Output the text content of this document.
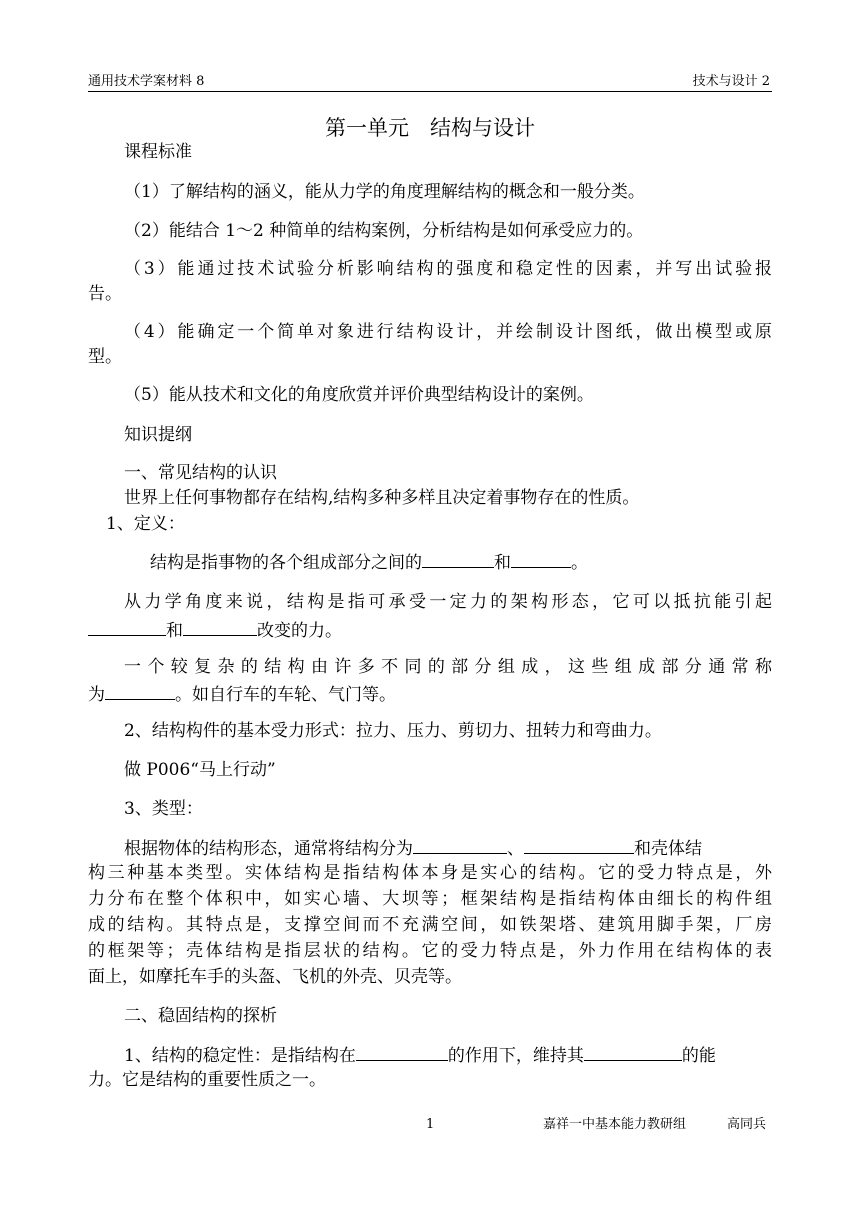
通用技术学案材料 8	技术与设计 2
第一单元　结构与设计
课程标准
（1）了解结构的涵义，能从力学的角度理解结构的概念和一般分类。
（2）能结合 1～2 种简单的结构案例，分析结构是如何承受应力的。
（3）能通过技术试验分析影响结构的强度和稳定性的因素，并写出试验报
告。
（4）能确定一个简单对象进行结构设计，并绘制设计图纸，做出模型或原
型。
（5）能从技术和文化的角度欣赏并评价典型结构设计的案例。
知识提纲
一、常见结构的认识
世界上任何事物都存在结构,结构多种多样且决定着事物存在的性质。
1、定义：
结构是指事物的各个组成部分之间的	和	。
从力学角度来说，结构是指可承受一定力的架构形态，它可以抵抗能引起
和	改变的力。
一个较复杂的结构由许多不同的部分组成，这些组成部分通常称
为	。如自行车的车轮、气门等。
2、结构构件的基本受力形式：拉力、压力、剪切力、扭转力和弯曲力。
做 P006“马上行动”
3、类型：
根据物体的结构形态，通常将结构分为	、	和壳体结
构三种基本类型。实体结构是指结构体本身是实心的结构。它的受力特点是，外
力分布在整个体积中，如实心墙、大坝等；框架结构是指结构体由细长的构件组
成的结构。其特点是，支撑空间而不充满空间，如铁架塔、建筑用脚手架，厂房
的框架等；壳体结构是指层状的结构。它的受力特点是，外力作用在结构体的表
面上，如摩托车手的头盔、飞机的外壳、贝壳等。
二、稳固结构的探析
1、结构的稳定性：是指结构在	的作用下，维持其	的能
力。它是结构的重要性质之一。
1	嘉祥一中基本能力教研组	高同兵
